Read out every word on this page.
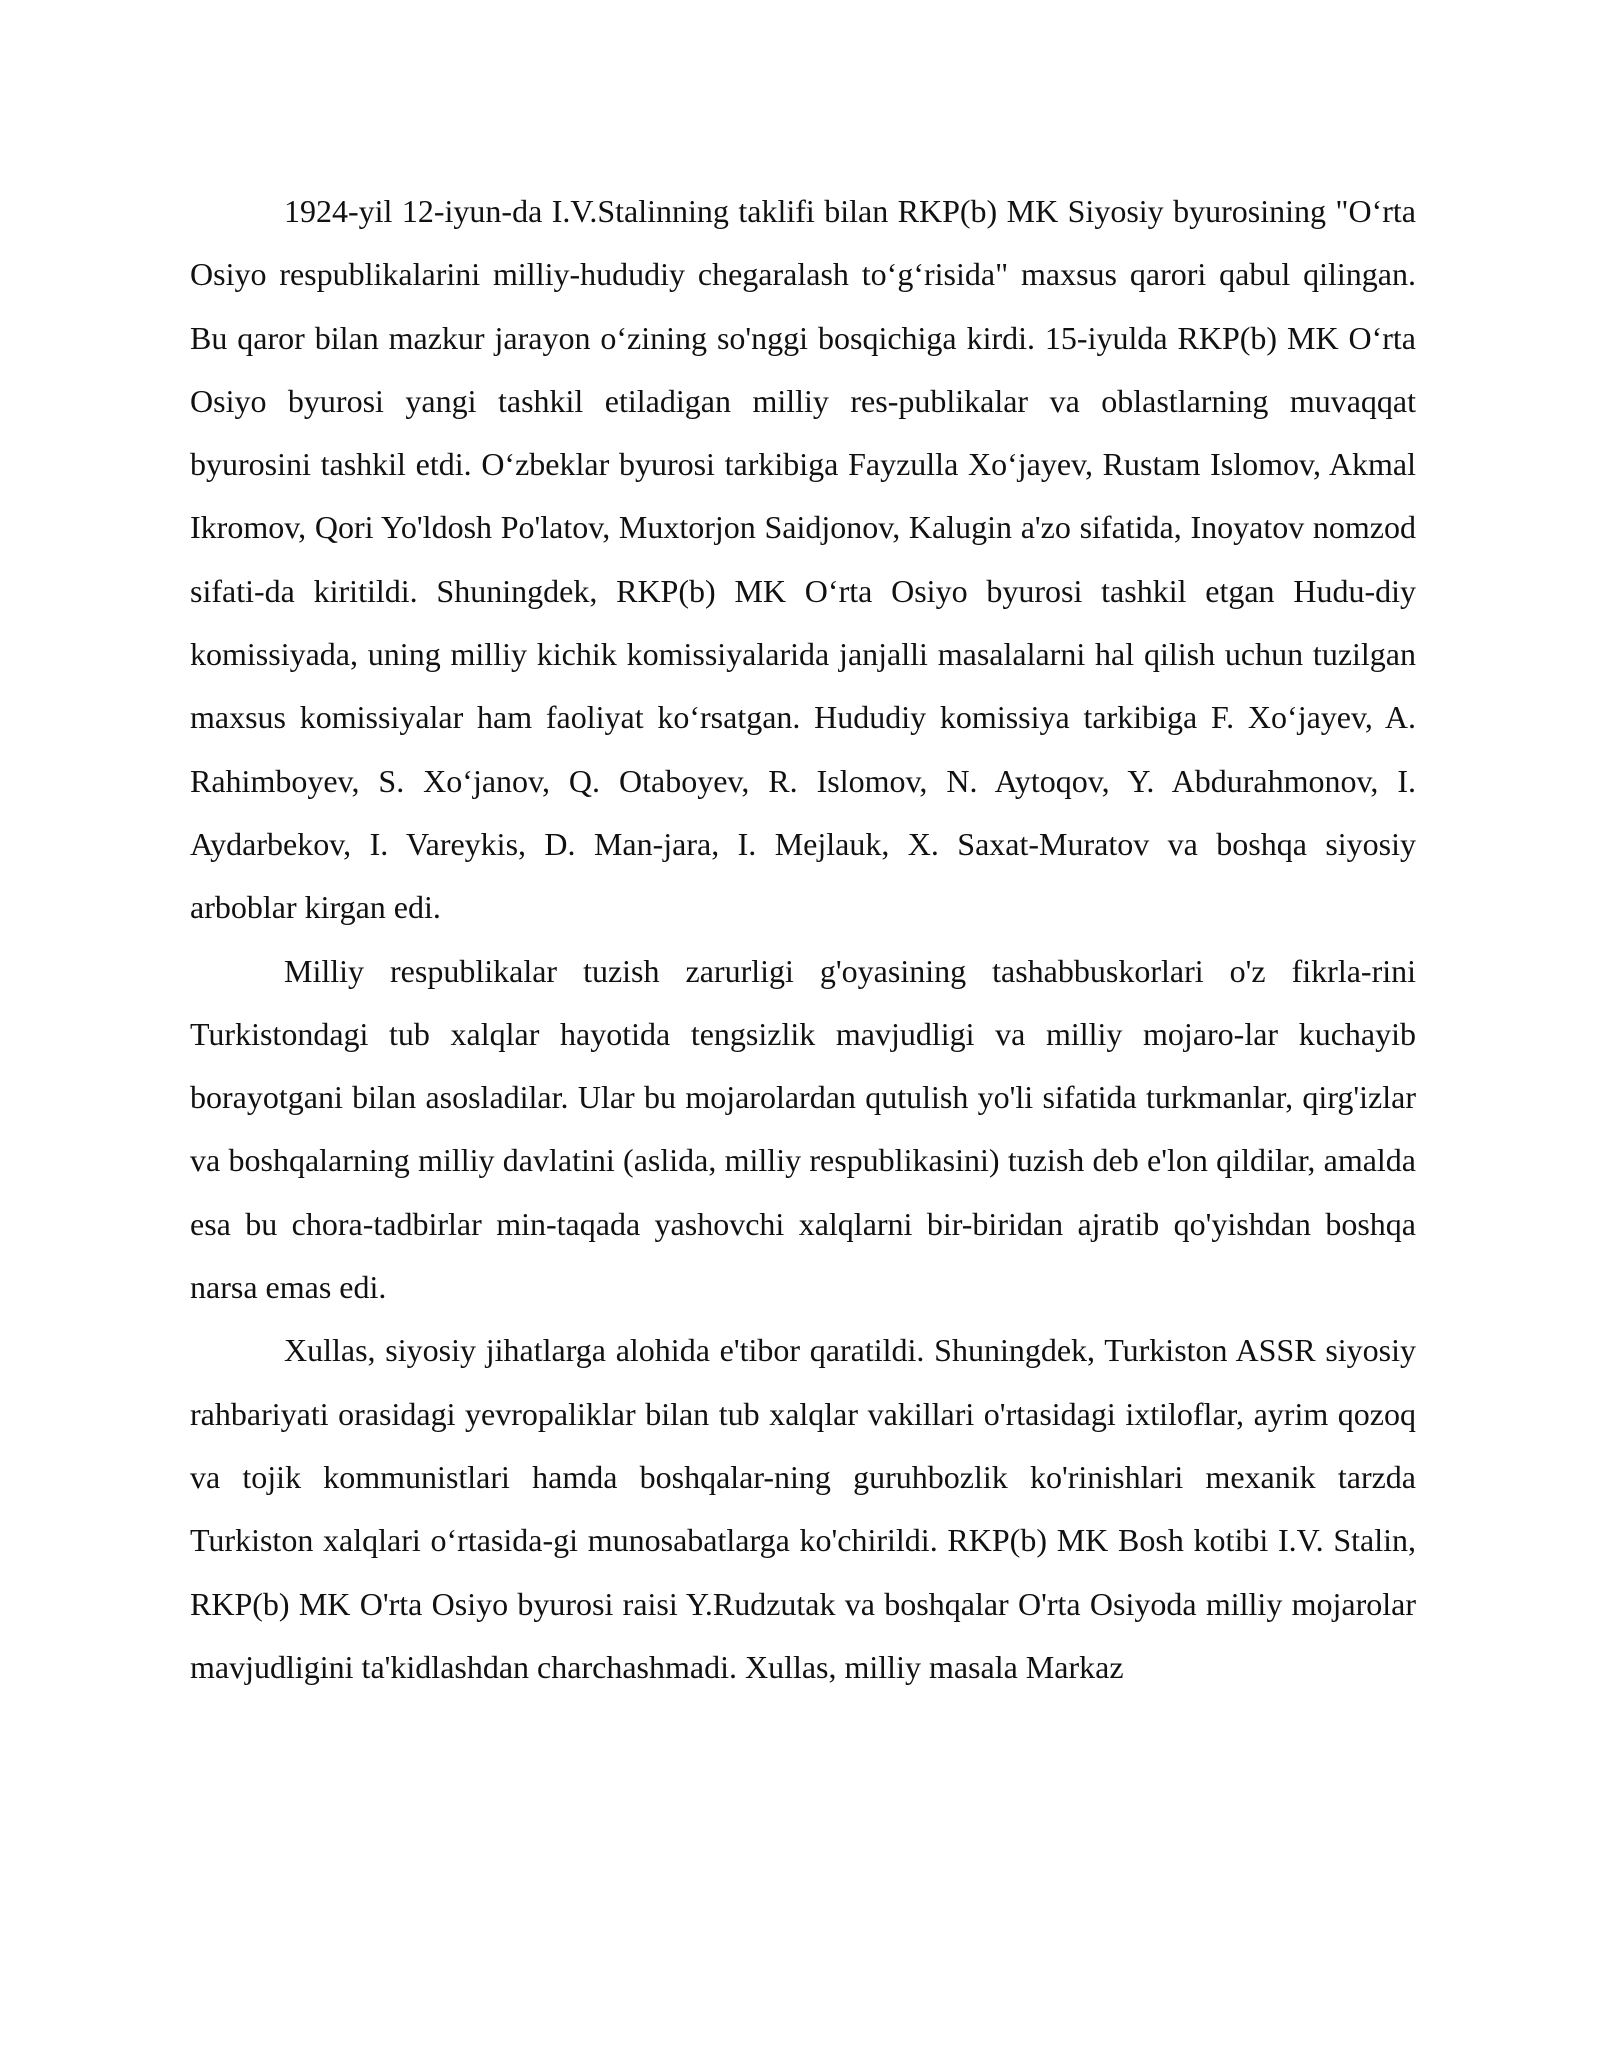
1924-yil 12-iyun-da I.V.Stalinning taklifi bilan RKP(b) MK Siyosiy byurosining "O‘rta Osiyo respublikalarini milliy-hududiy chegaralash to‘g‘risida" maxsus qarori qabul qilingan. Bu qaror bilan mazkur jarayon o‘zining so'nggi bosqichiga kirdi. 15-iyulda RKP(b) MK O‘rta Osiyo byurosi yangi tashkil etiladigan milliy res-publikalar va oblastlarning muvaqqat byurosini tashkil etdi. O‘zbeklar byurosi tarkibiga Fayzulla Xo‘jayev, Rustam Islomov, Akmal Ikromov, Qori Yo'ldosh Po'latov, Muxtorjon Saidjonov, Kalugin a'zo sifatida, Inoyatov nomzod sifati-da kiritildi. Shuningdek, RKP(b) MK O‘rta Osiyo byurosi tashkil etgan Hudu-diy komissiyada, uning milliy kichik komissiyalarida janjalli masalalarni hal qilish uchun tuzilgan maxsus komissiyalar ham faoliyat ko‘rsatgan. Hududiy komissiya tarkibiga F. Xo‘jayev, A. Rahimboyev, S. Xo‘janov, Q. Otaboyev, R. Islomov, N. Aytoqov, Y. Abdurahmonov, I. Aydarbekov, I. Vareykis, D. Man-jara, I. Mejlauk, X. Saxat-Muratov va boshqa siyosiy arboblar kirgan edi.

Milliy respublikalar tuzish zarurligi g'oyasining tashabbuskorlari o'z fikrla-rini Turkistondagi tub xalqlar hayotida tengsizlik mavjudligi va milliy mojaro-lar kuchayib borayotgani bilan asosladilar. Ular bu mojarolardan qutulish yo'li sifatida turkmanlar, qirg'izlar va boshqalarning milliy davlatini (aslida, milliy respublikasini) tuzish deb e'lon qildilar, amalda esa bu chora-tadbirlar min-taqada yashovchi xalqlarni bir-biridan ajratib qo'yishdan boshqa narsa emas edi.

Xullas, siyosiy jihatlarga alohida e'tibor qaratildi. Shuningdek, Turkiston ASSR siyosiy rahbariyati orasidagi yevropaliklar bilan tub xalqlar vakillari o'rtasidagi ixtiloflar, ayrim qozoq va tojik kommunistlari hamda boshqalar-ning guruhbozlik ko'rinishlari mexanik tarzda Turkiston xalqlari o‘rtasida-gi munosabatlarga ko'chirildi. RKP(b) MK Bosh kotibi I.V. Stalin, RKP(b) MK O'rta Osiyo byurosi raisi Y.Rudzutak va boshqalar O'rta Osiyoda milliy mojarolar mavjudligini ta'kidlashdan charchashmadi. Xullas, milliy masala Markaz
